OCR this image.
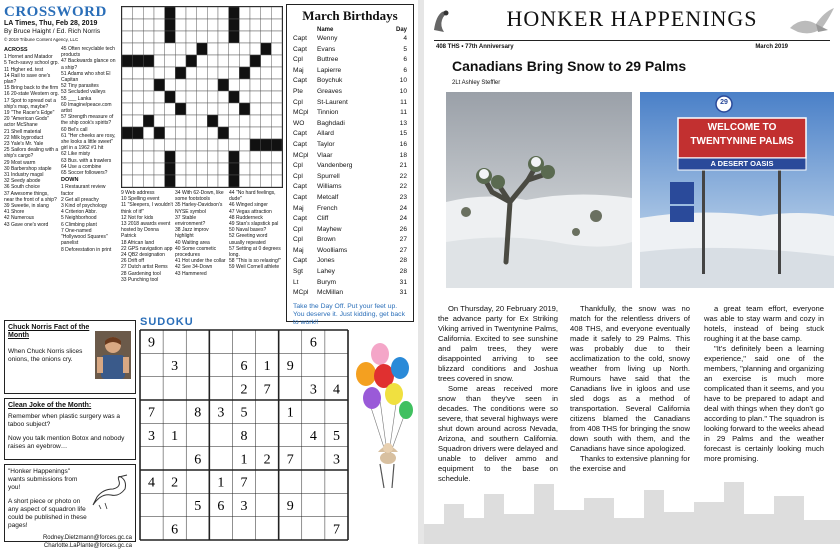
CROSSWORD
LA Times, Thu, Feb 28, 2019
By Bruce Haight / Ed. Rich Norris
© 2019 Tribune Content Agency, LLC
ACROSS
1 Hornet and Matador
5 Tech-savvy school grp.
11 Higher ed. test
14 Rail to save one's plan?
15 Bring back to the firm
16 20-state Western org.
17 Spot to spread out a ship's map, maybe?
19 "The Racer's Edge"
20 "American Gods" actor McShane
21 Shell material
22 Milk byproduct
23 Yale's Mr. Yale
25 Sailors dealing with a ship's cargo?
29 Most warm
30 Barbershop staple
31 Industry magsl
32 Seedy abode
36 South choice
37 Awesome things, near the front of a ship?
39 Sweetie, in slang
41 Shore
42 Numerous
43 Gave one's word
45 Often recyclable tech products
47 Backwards glance on a ship?
51 Adams who shot El Capitan
52 Tiny parasites
53 Secluded valleys
55 ___ Lanka
60 Imagine/peace.com artist
57 Strength measure of the ship cook's spirits?
60 Bel's call
61 "Her cheeks are rosy, she looks a little sweet" girl in a 1962 #1 hit
62 Like misty
63 Bus. with a trawlers
64 Use a combine
65 Soccer followers?
DOWN
1 Restaurant review factor
2 Get all preachy
3 Kind of psychology
4 Criterion Abbr.
5 Neighborhood
6 Climbing plant
7 One-named "Hollywood Squares" panelist
8 Deforestation in print
9 Web address
10 Spelling event
11 "Sleepers, I wouldn't think of it!"
12 Not for kids
13 2018 awards event hosted by Donna Patrick
18 African land
22 GPS navigation app
24 QB2 designation
26 Drift off
27 Dutch artist Rems
28 Gardening tool
33 Punching tool
34 With 62-Down, like some footstools
35 Harley-Davidson's NYSE symbol
37 Stable environment?
38 Jazz improv highlight
40 Waiting area
40 Some cosmetic procedures
41 Hot under the collar
42 See 34-Down
43 Hammered
44 "No hard feelings, dude"
46 Winged singer
47 Vegas attraction
48 Rudderneck
49 Stan's slapstick pal
50 Naval bases?
52 Greeting word usually repeated
57 Setting at 0 degrees long.
58 "This is so relaxing!"
59 Weil Cornell athlete
March Birthdays
Name	Day
Capt	Wenny	4
Capt	Evans	5
Cpl	Buttree	6
Maj	Lapierre	6
Capt	Boychuk	10
Pte	Greaves	10
Cpl	St-Laurent	11
MCpl	Tinnion	11
WO	Baghdadi	13
Capt	Allard	15
Capt	Taylor	16
MCpl	Vlaar	18
Cpl	Vandenberg	21
Cpl	Spurrell	22
Capt	Williams	22
Capt	Metcalf	23
Maj	French	24
Capt	Cliff	24
Cpl	Mayhew	26
Cpl	Brown	27
Maj	Woolliams	27
Capt	Jones	28
Sgt	Lahey	28
Lt	Burym	31
MCpl	McMillan	31
Take the Day Off. Put your feet up. You deserve it. Just kidding, get back to work!!
SUDOKU
9	6
3	6 1 9
2 7	3 4
7	8 3 5	1
3 1	8	4 5
6	1 2 7	3
4 2	1 7
5 6 3	9
6	7
Chuck Norris Fact of the Month
When Chuck Norris slices onions, the onions cry.
Clean Joke of the Month:
Remember when plastic surgery was a taboo subject?
Now you talk mention Botox and nobody raises an eyebrow…
"Honker Happenings" wants submissions from you!
A short piece or photo on any aspect of squadron life could be published in these pages!
Rodney.Dietzmann@forces.gc.ca
Charlotte.LaPlante@forces.gc.ca
HONKER HAPPENINGS
408 THS • 77th Anniversary	March 2019
Canadians Bring Snow to 29 Palms
2Lt Ashley Steffler
29
WELCOME TO
TWENTYNINE PALMS
A DESERT OASIS

On Thursday, 20 February 2019, the advance party for Ex Striking Viking arrived in Twentynine Palms, California. Excited to see sunshine and palm trees, they were disappointed arriving to see blizzard conditions and Joshua trees covered in snow.

Some areas received more snow than they've seen in decades. The conditions were so severe, that several highways were shut down around across Nevada, Arizona, and southern California. Squadron drivers were delayed and unable to deliver ammo and equipment to the base on schedule.

Thankfully, the snow was no match for the relentless drivers of 408 THS, and everyone eventually made it safely to 29 Palms. This was probably due to their acclimatization to the cold, snowy weather from living up North. Rumours have said that the Canadians live in igloos and use sled dogs as a method of transportation. Several California citizens blamed the Canadians from 408 THS for bringing the snow down south with them, and the Canadians have since apologized.

Thanks to extensive planning for the exercise and

a great team effort, everyone was able to stay warm and cozy in hotels, instead of being stuck roughing it at the base camp.

"It's definitely been a learning experience," said one of the members, "planning and organizing an exercise is much more complicated than it seems, and you have to be prepared to adapt and deal with things when they don't go according to plan." The squadron is looking forward to the weeks ahead in 29 Palms and the weather forecast is certainly looking much more promising.
